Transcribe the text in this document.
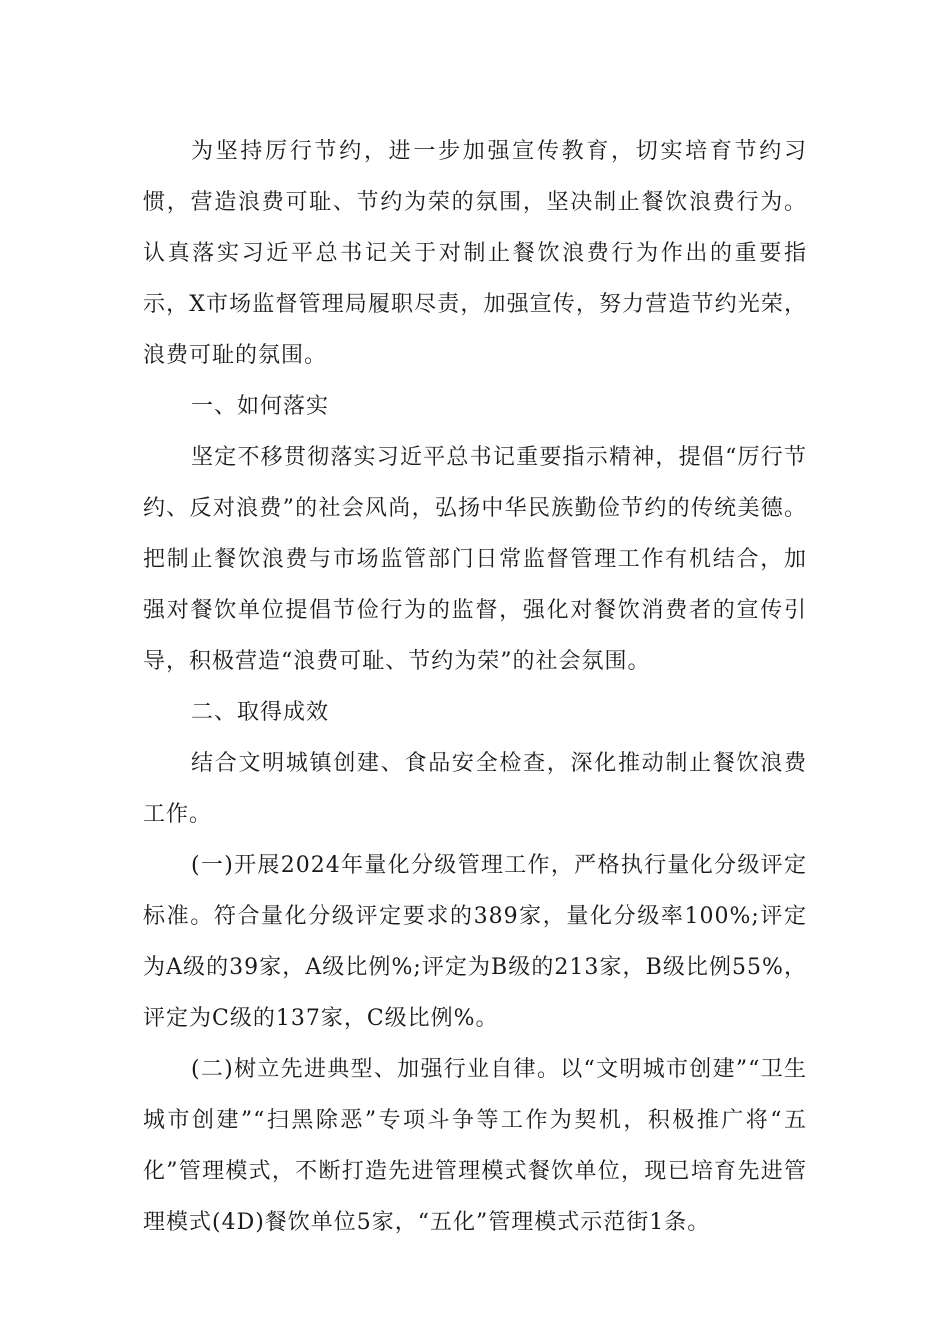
为坚持厉行节约，进一步加强宣传教育，切实培育节约习惯，营造浪费可耻、节约为荣的氛围，坚决制止餐饮浪费行为。认真落实习近平总书记关于对制止餐饮浪费行为作出的重要指示，X市场监督管理局履职尽责，加强宣传，努力营造节约光荣，浪费可耻的氛围。

一、如何落实

坚定不移贯彻落实习近平总书记重要指示精神，提倡“厉行节约、反对浪费”的社会风尚，弘扬中华民族勤俭节约的传统美德。把制止餐饮浪费与市场监管部门日常监督管理工作有机结合，加强对餐饮单位提倡节俭行为的监督，强化对餐饮消费者的宣传引导，积极营造“浪费可耻、节约为荣”的社会氛围。

二、取得成效

结合文明城镇创建、食品安全检查，深化推动制止餐饮浪费工作。

(一)开展2024年量化分级管理工作，严格执行量化分级评定标准。符合量化分级评定要求的389家，量化分级率100%;评定为A级的39家，A级比例%;评定为B级的213家，B级比例55%，评定为C级的137家，C级比例%。

(二)树立先进典型、加强行业自律。以“文明城市创建”“卫生城市创建”“扫黑除恶”专项斗争等工作为契机，积极推广将“五化”管理模式，不断打造先进管理模式餐饮单位，现已培育先进管理模式(4D)餐饮单位5家，“五化”管理模式示范街1条。
